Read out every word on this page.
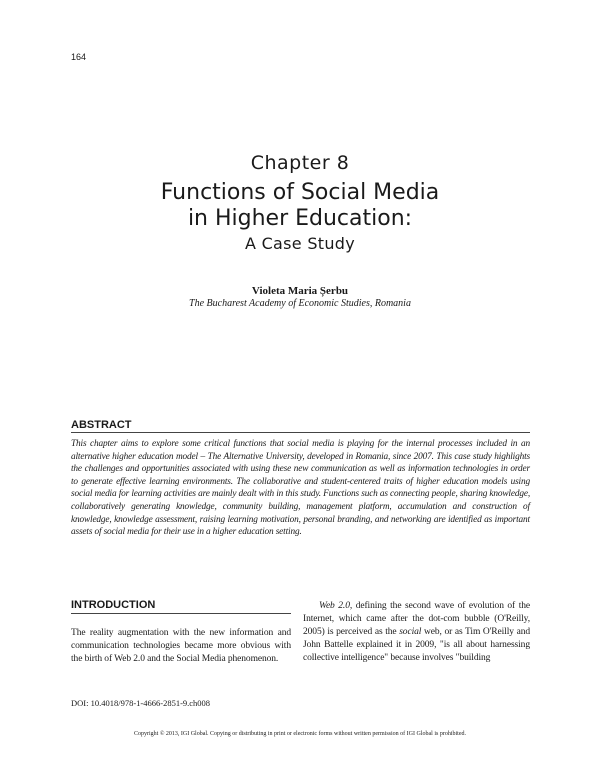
164
Chapter 8
Functions of Social Media
in Higher Education:
A Case Study
Violeta Maria Șerbu
The Bucharest Academy of Economic Studies, Romania
ABSTRACT
This chapter aims to explore some critical functions that social media is playing for the internal processes included in an alternative higher education model – The Alternative University, developed in Romania, since 2007. This case study highlights the challenges and opportunities associated with using these new communication as well as information technologies in order to generate effective learning environments. The collaborative and student-centered traits of higher education models using social media for learning activities are mainly dealt with in this study. Functions such as connecting people, sharing knowledge, collaboratively generating knowledge, community building, management platform, accumulation and construction of knowledge, knowledge assessment, raising learning motivation, personal branding, and networking are identified as important assets of social media for their use in a higher education setting.
INTRODUCTION

The reality augmentation with the new information and communication technologies became more obvious with the birth of Web 2.0 and the Social Media phenomenon.

Web 2.0, defining the second wave of evolution of the Internet, which came after the dot-com bubble (O'Reilly, 2005) is perceived as the social web, or as Tim O'Reilly and John Battelle explained it in 2009, "is all about harnessing collective intelligence" because involves "building

DOI: 10.4018/978-1-4666-2851-9.ch008
Copyright © 2013, IGI Global. Copying or distributing in print or electronic forms without written permission of IGI Global is prohibited.
